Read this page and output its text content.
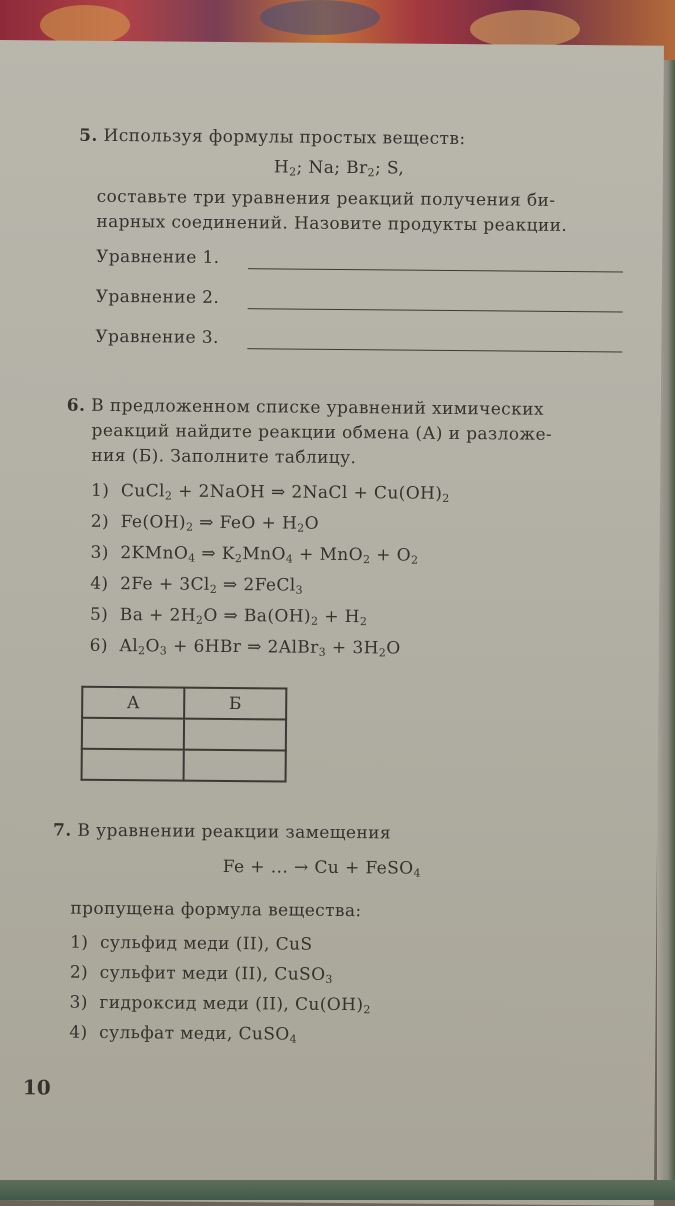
5. Используя формулы простых веществ:
$H_2$; Na; $Br_2$; S,
составьте три уравнения реакций получения би-
нарных соединений. Назовите продукты реакции.
Уравнение 1.
Уравнение 2.
Уравнение 3.
6. В предложенном списке уравнений химических
реакций найдите реакции обмена (А) и разложе-
ния (Б). Заполните таблицу.
1) CuCl$_2$ + 2NaOH ⇒ 2NaCl + $Cu(OH)_2$
2) $Fe(OH)_2$ ⇒ FeO + $H_2O$
3) 2KMnO$_4$ ⇒ $K_2MnO_4 + MnO_2 + O_2$
4) $2Fe + 3Cl_2$ ⇒ 2FeCl$_3$
5) $Ba + 2H_2O$ ⇒ $Ba(OH)_2 + H_2$
6) $Al_2O_3 + 6HBr$ ⇒ 2AlBr$_3$ + $3H_2O$
А	Б

7. В уравнении реакции замещения
Fe + ... → Cu + FeSO$_4$
пропущена формула вещества:
1) сульфид меди (II), CuS
2) сульфит меди (II), CuSO$_3$
3) гидроксид меди (II), $Cu(OH)_2$
4) сульфат меди, CuSO$_4$
10
